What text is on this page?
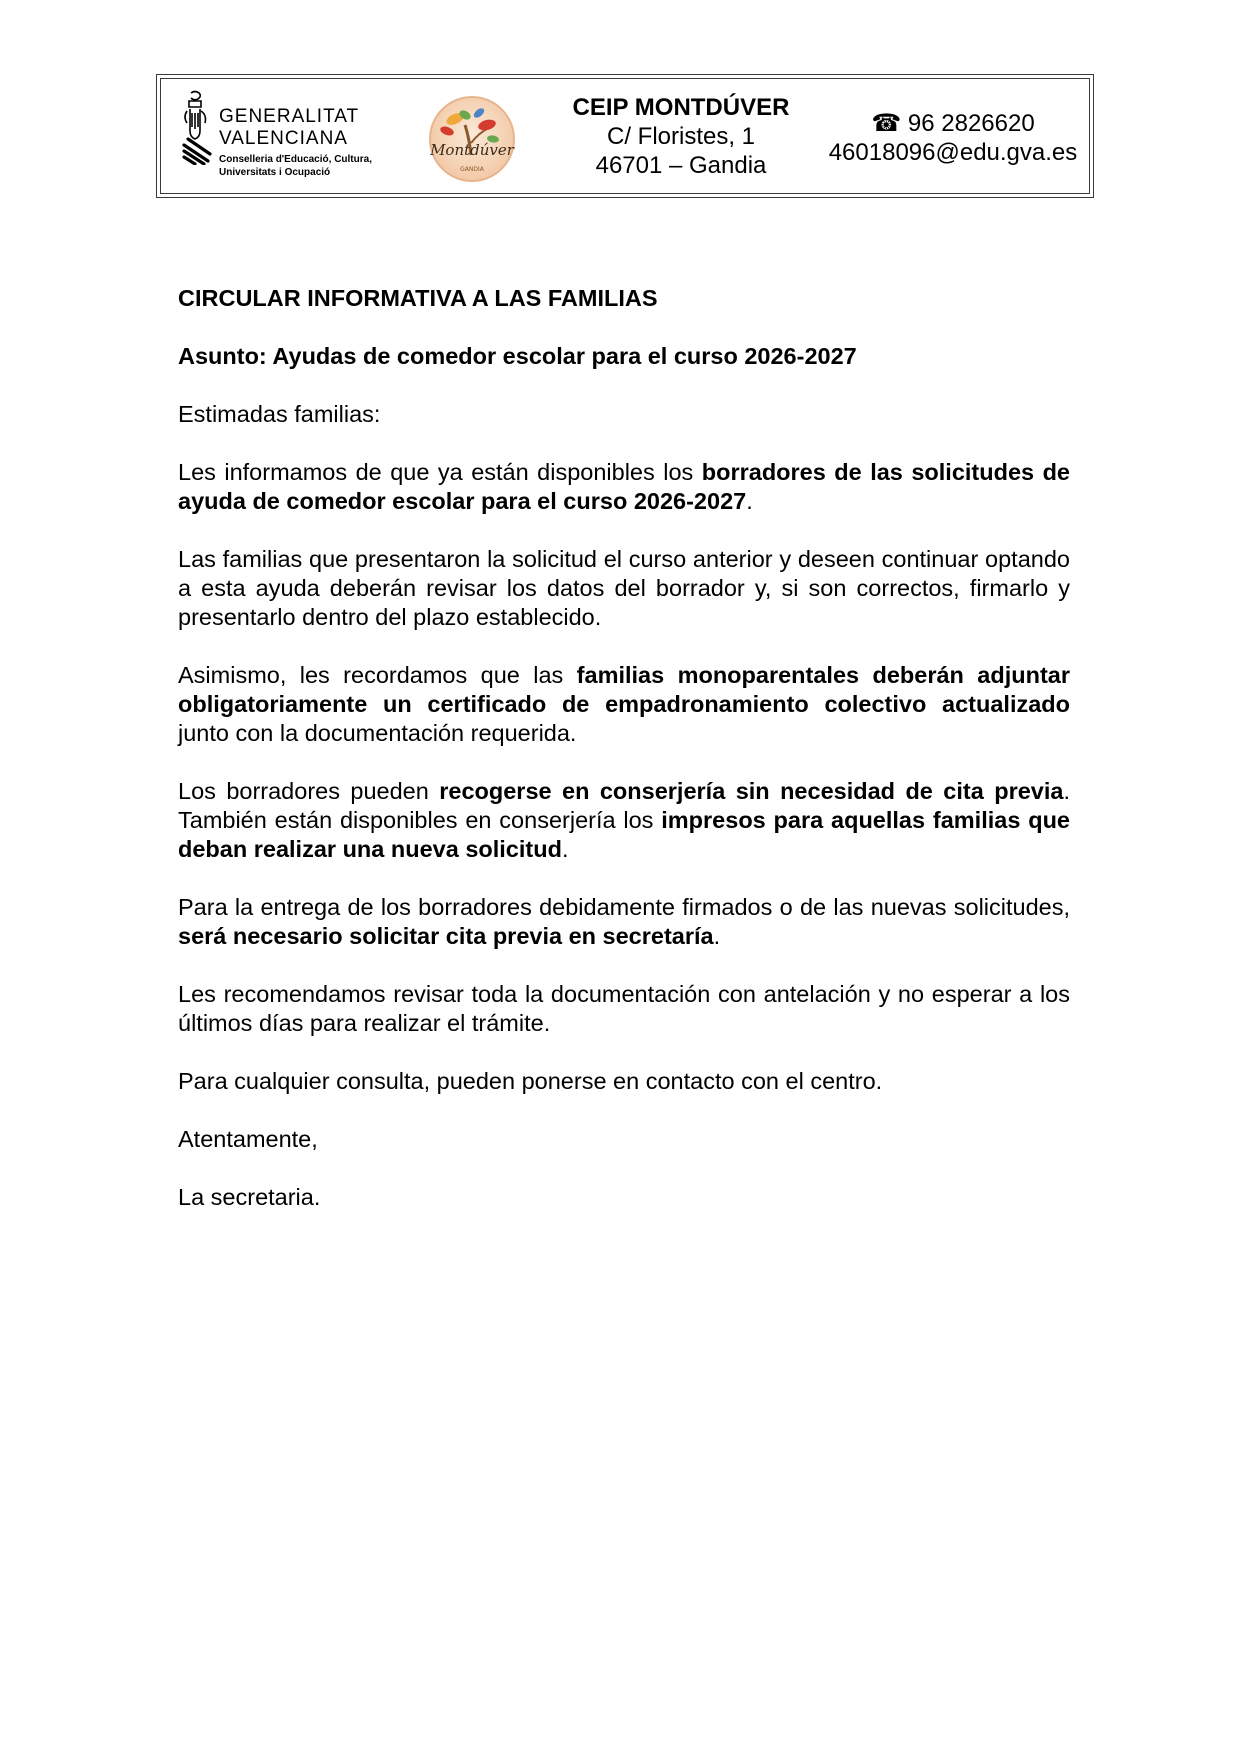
GENERALITAT
VALENCIANA
Conselleria d'Educació, Cultura,
Universitats i Ocupació
Montdúver
GANDIA
CEIP MONTDÚVER
C/ Floristes, 1
46701 – Gandia
☎ 96 2826620
46018096@edu.gva.es

CIRCULAR INFORMATIVA A LAS FAMILIAS

Asunto: Ayudas de comedor escolar para el curso 2026-2027

Estimadas familias:

Les informamos de que ya están disponibles los borradores de las solicitudes de ayuda de comedor escolar para el curso 2026-2027.

Las familias que presentaron la solicitud el curso anterior y deseen continuar optando a esta ayuda deberán revisar los datos del borrador y, si son correctos, firmarlo y presentarlo dentro del plazo establecido.

Asimismo, les recordamos que las familias monoparentales deberán adjuntar obligatoriamente un certificado de empadronamiento colectivo actualizado junto con la documentación requerida.

Los borradores pueden recogerse en conserjería sin necesidad de cita previa. También están disponibles en conserjería los impresos para aquellas familias que deban realizar una nueva solicitud.

Para la entrega de los borradores debidamente firmados o de las nuevas solicitudes, será necesario solicitar cita previa en secretaría.

Les recomendamos revisar toda la documentación con antelación y no esperar a los últimos días para realizar el trámite.

Para cualquier consulta, pueden ponerse en contacto con el centro.

Atentamente,

La secretaria.
